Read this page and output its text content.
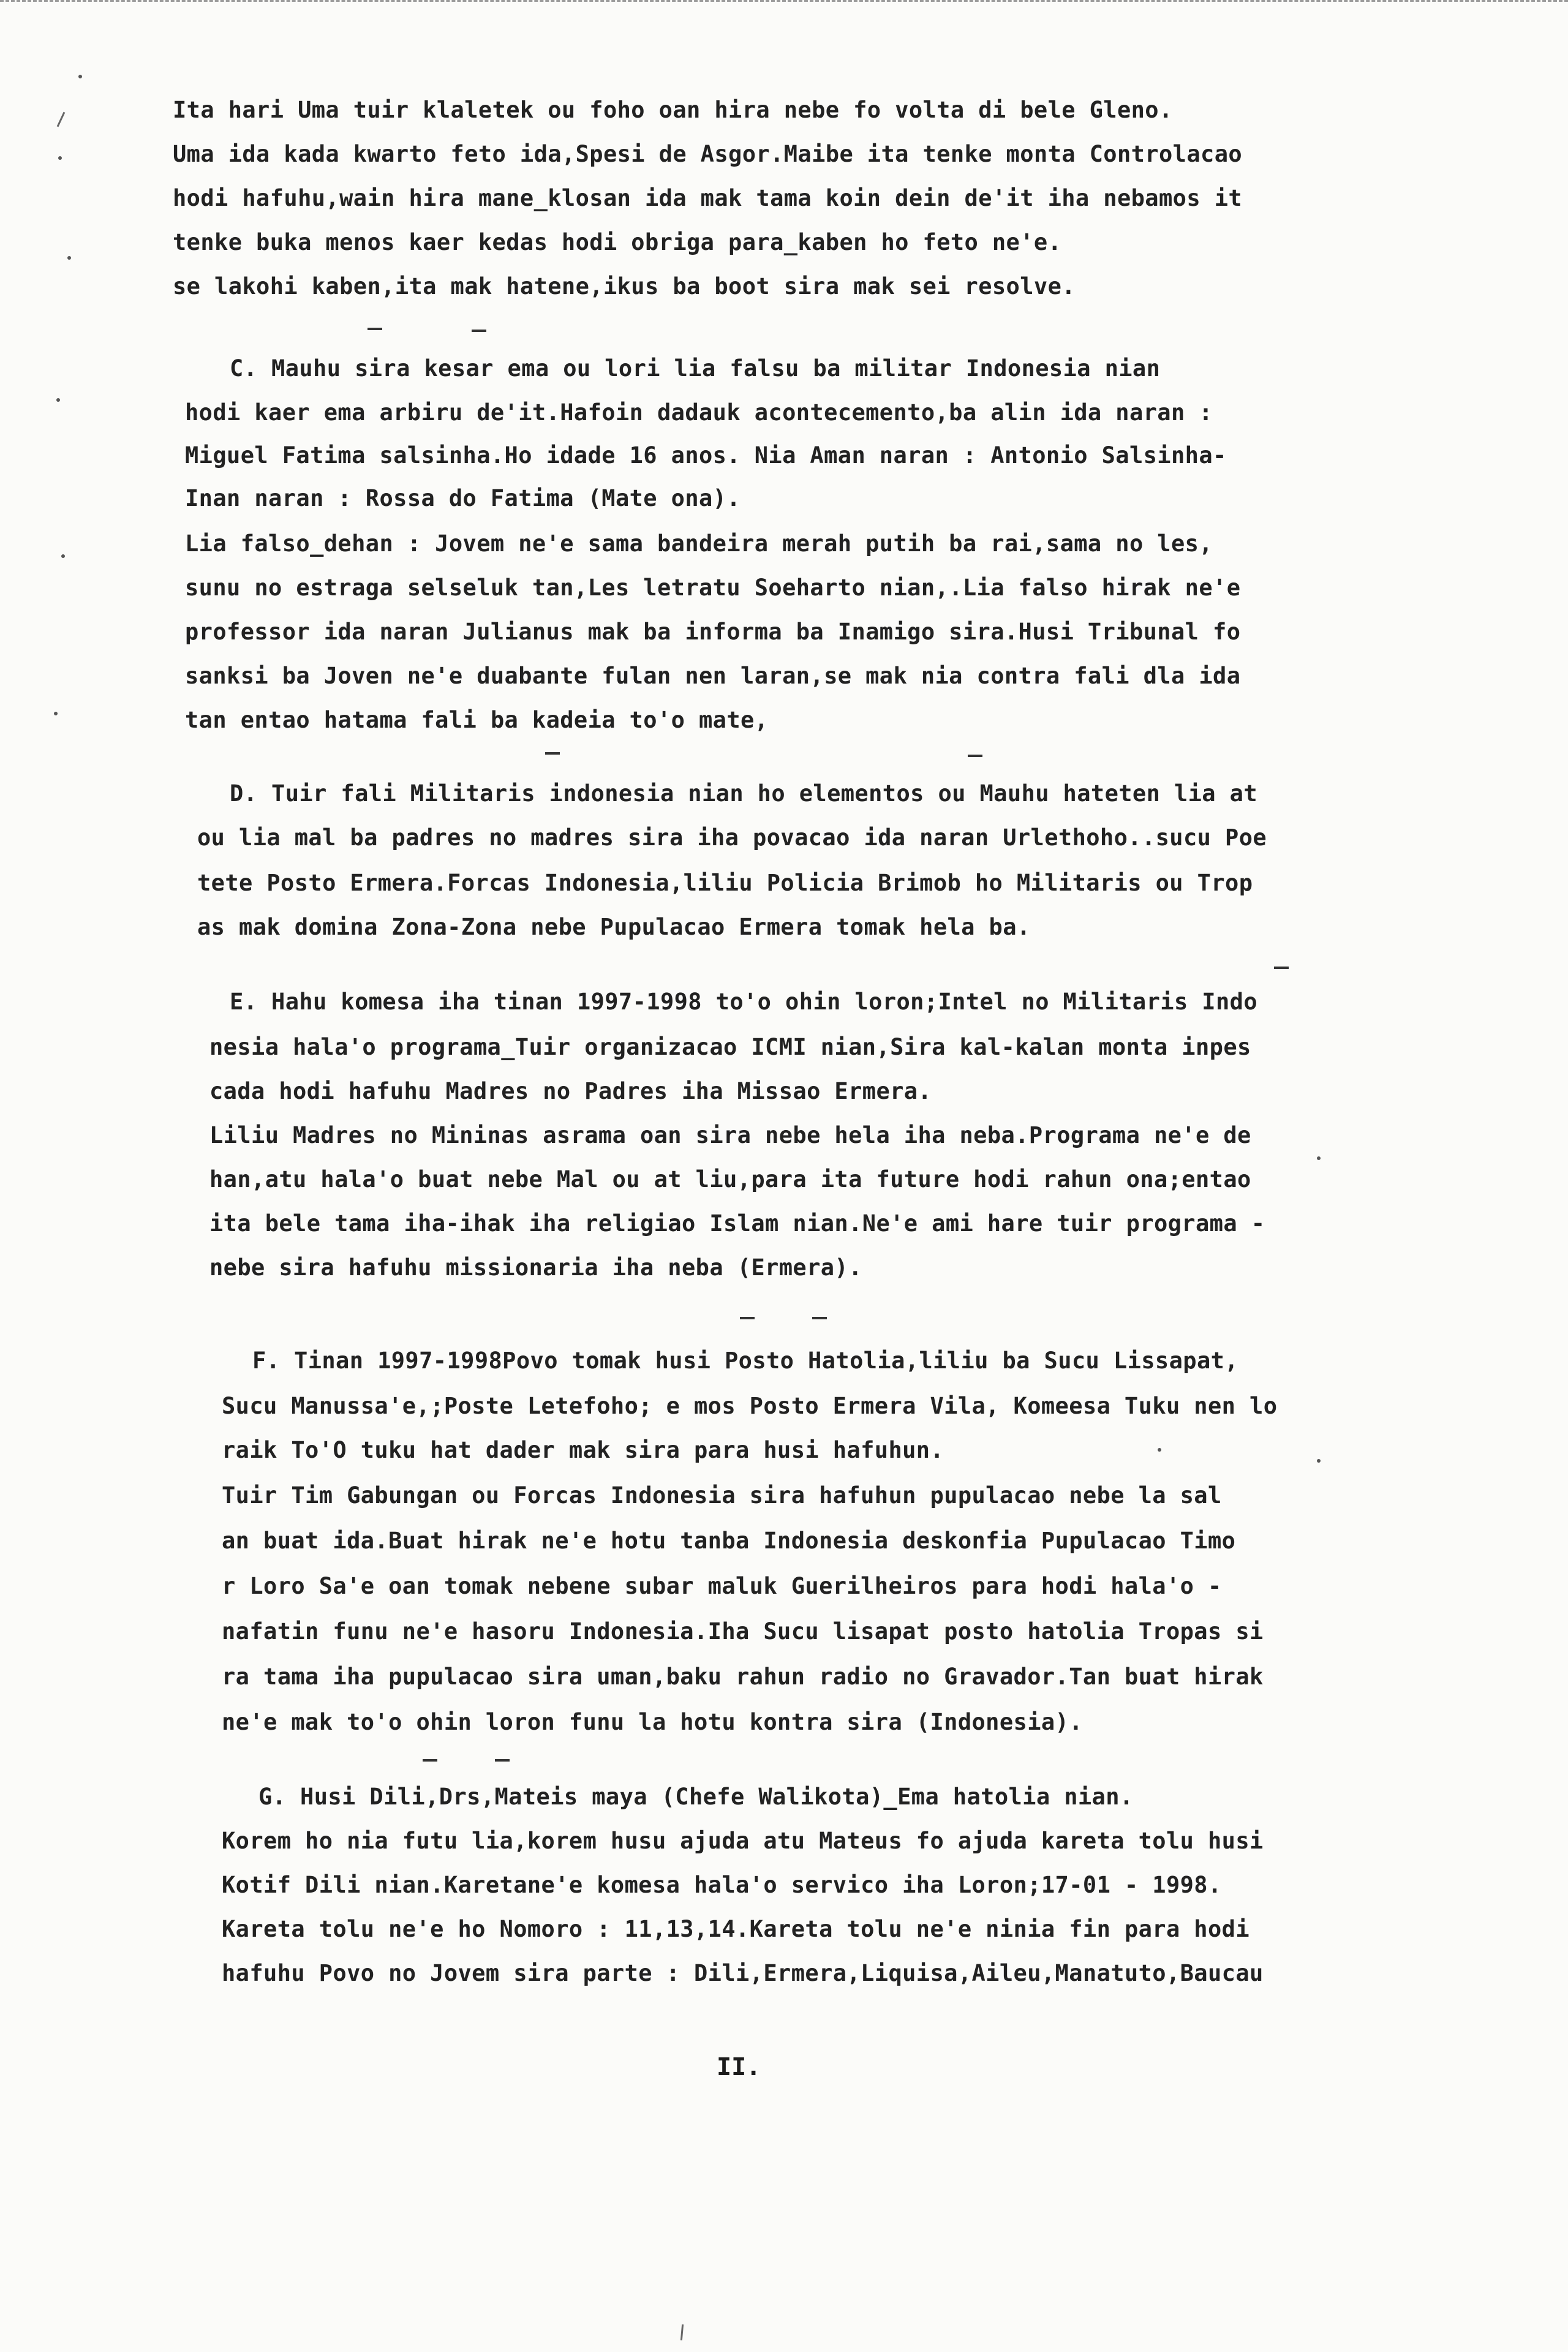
Ita hari Uma tuir klaletek ou foho oan hira nebe fo volta di bele Gleno.
Uma ida kada kwarto feto ida,Spesi de Asgor.Maibe ita tenke monta Controlacao
hodi hafuhu,wain hira mane_klosan ida mak tama koin dein de'it iha nebamos it
tenke buka menos kaer kedas hodi obriga para_kaben ho feto ne'e.
se lakohi kaben,ita mak hatene,ikus ba boot sira mak sei resolve.
C. Mauhu sira kesar ema ou lori lia falsu ba militar Indonesia nian
hodi kaer ema arbiru de'it.Hafoin dadauk acontecemento,ba alin ida naran :
Miguel Fatima salsinha.Ho idade 16 anos. Nia Aman naran : Antonio Salsinha-
Inan naran : Rossa do Fatima (Mate ona).
Lia falso_dehan : Jovem ne'e sama bandeira merah putih ba rai,sama no les,
sunu no estraga selseluk tan,Les letratu Soeharto nian,.Lia falso hirak ne'e
professor ida naran Julianus mak ba informa ba Inamigo sira.Husi Tribunal fo
sanksi ba Joven ne'e duabante fulan nen laran,se mak nia contra fali dla ida
tan entao hatama fali ba kadeia to'o mate,
D. Tuir fali Militaris indonesia nian ho elementos ou Mauhu hateten lia at
ou lia mal ba padres no madres sira iha povacao ida naran Urlethoho..sucu Poe
tete Posto Ermera.Forcas Indonesia,liliu Policia Brimob ho Militaris ou Trop
as mak domina Zona-Zona nebe Pupulacao Ermera tomak hela ba.
E. Hahu komesa iha tinan 1997-1998 to'o ohin loron;Intel no Militaris Indo
nesia hala'o programa_Tuir organizacao ICMI nian,Sira kal-kalan monta inpes
cada hodi hafuhu Madres no Padres iha Missao Ermera.
Liliu Madres no Mininas asrama oan sira nebe hela iha neba.Programa ne'e de
han,atu hala'o buat nebe Mal ou at liu,para ita future hodi rahun ona;entao
ita bele tama iha-ihak iha religiao Islam nian.Ne'e ami hare tuir programa -
nebe sira hafuhu missionaria iha neba (Ermera).
F. Tinan 1997-1998Povo tomak husi Posto Hatolia,liliu ba Sucu Lissapat,
Sucu Manussa'e,;Poste Letefoho; e mos Posto Ermera Vila, Komeesa Tuku nen lo
raik To'O tuku hat dader mak sira para husi hafuhun.
Tuir Tim Gabungan ou Forcas Indonesia sira hafuhun pupulacao nebe la sal
an buat ida.Buat hirak ne'e hotu tanba Indonesia deskonfia Pupulacao Timo
r Loro Sa'e oan tomak nebene subar maluk Guerilheiros para hodi hala'o -
nafatin funu ne'e hasoru Indonesia.Iha Sucu lisapat posto hatolia Tropas si
ra tama iha pupulacao sira uman,baku rahun radio no Gravador.Tan buat hirak
ne'e mak to'o ohin loron funu la hotu kontra sira (Indonesia).
G. Husi Dili,Drs,Mateis maya (Chefe Walikota)_Ema hatolia nian.
Korem ho nia futu lia,korem husu ajuda atu Mateus fo ajuda kareta tolu husi
Kotif Dili nian.Karetane'e komesa hala'o servico iha Loron;17-01 - 1998.
Kareta tolu ne'e ho Nomoro : 11,13,14.Kareta tolu ne'e ninia fin para hodi
hafuhu Povo no Jovem sira parte : Dili,Ermera,Liquisa,Aileu,Manatuto,Baucau
II.
